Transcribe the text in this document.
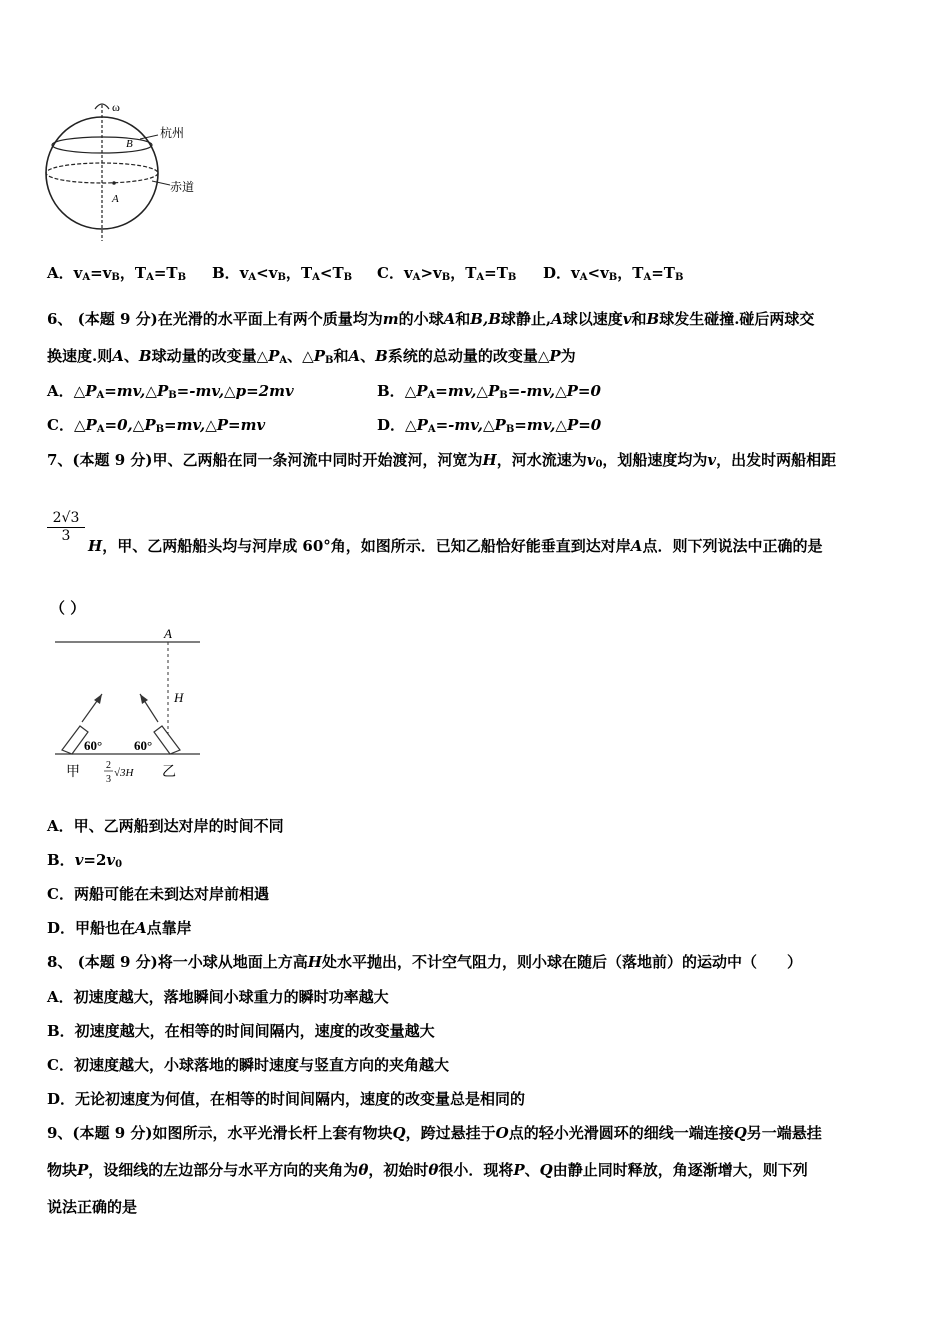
ω
杭州
赤道
B
A
A．$v_A=v_B$，$T_A=T_B$ B．$v_A<v_B$，$T_A<T_B$ C．$v_A>v_B$，$T_A=T_B$ D．$v_A<v_B$，$T_A=T_B$
6、 (本题 9 分)在光滑的水平面上有两个质量均为m的小球A和B,B球静止,A球以速度v和B球发生碰撞.碰后两球交
换速度.则A、B球动量的改变量$\triangle P_A$、$\triangle P_B$和A、B系统的总动量的改变量△P为
A．$\triangle P_A=mv,\triangle P_B=-mv,\triangle p=2mv$	B．$\triangle P_A=mv,\triangle P_B=-mv,\triangle P=0$
C．$\triangle P_A=0,\triangle P_B=mv,\triangle P=mv$	D．$\triangle P_A=-mv,\triangle P_B=mv,\triangle P=0$
7、(本题 9 分)甲、乙两船在同一条河流中同时开始渡河，河宽为H，河水流速为$v_0$，划船速度均为v，出发时两船相距
$\frac{2√3}{3}$
H，甲、乙两船船头均与河岸成 60°角，如图所示．已知乙船恰好能垂直到达对岸A点．则下列说法中正确的是
（ ）
A
H
60° 60°
甲	乙
2
3
√3H
A．甲、乙两船到达对岸的时间不同
B．$v=2v_0$
C．两船可能在未到达对岸前相遇
D．甲船也在A点靠岸
8、 (本题 9 分)将一小球从地面上方高H处水平抛出，不计空气阻力，则小球在随后（落地前）的运动中（　　）
A．初速度越大，落地瞬间小球重力的瞬时功率越大
B．初速度越大，在相等的时间间隔内，速度的改变量越大
C．初速度越大，小球落地的瞬时速度与竖直方向的夹角越大
D．无论初速度为何值，在相等的时间间隔内，速度的改变量总是相同的
9、(本题 9 分)如图所示，水平光滑长杆上套有物块Q，跨过悬挂于O点的轻小光滑圆环的细线一端连接Q另一端悬挂
物块P，设细线的左边部分与水平方向的夹角为θ，初始时θ很小．现将P、Q由静止同时释放，角逐渐增大，则下列
说法正确的是
